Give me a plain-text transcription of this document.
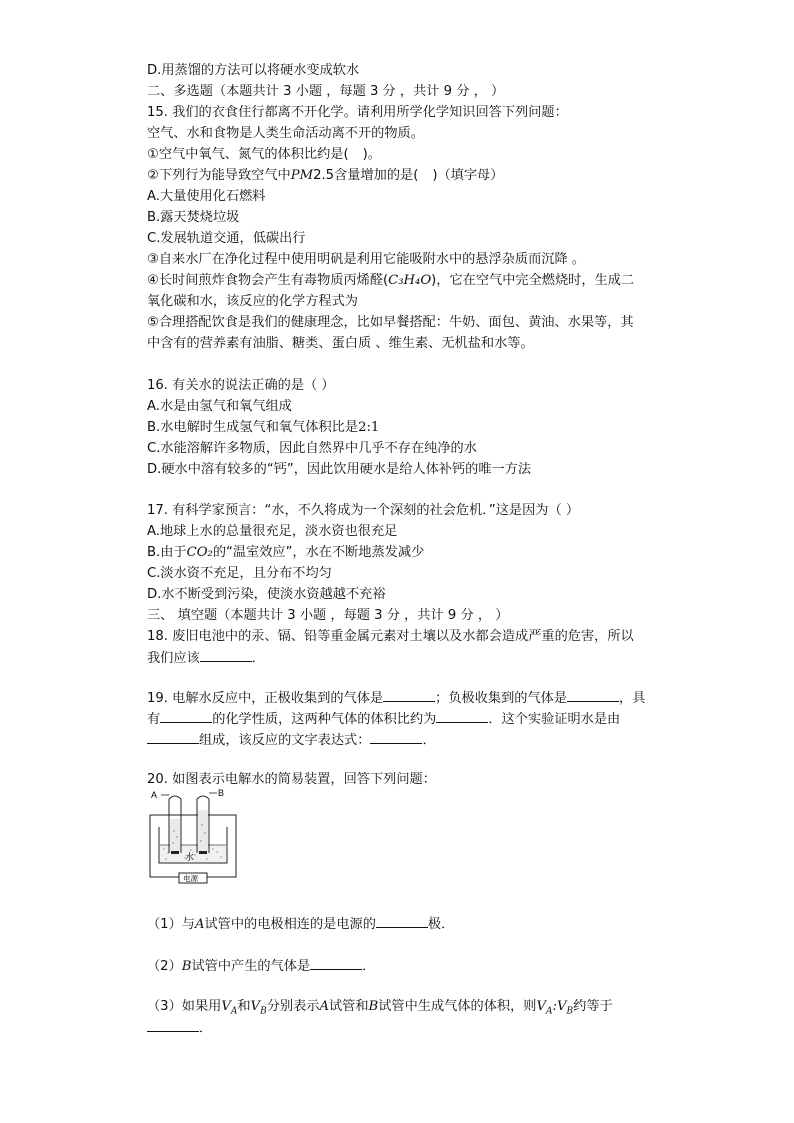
D.用蒸馏的方法可以将硬水变成软水
二、多选题（本题共计 3 小题 ，每题 3 分 ，共计 9 分 ， ）
15. 我们的衣食住行都离不开化学。请利用所学化学知识回答下列问题：
空气、水和食物是人类生命活动离不开的物质。
①空气中氧气、氮气的体积比约是( )。
②下列行为能导致空气中PM2.5含量增加的是( )（填字母）
A.大量使用化石燃料
B.露天焚烧垃圾
C.发展轨道交通，低碳出行
③自来水厂在净化过程中使用明矾是利用它能吸附水中的悬浮杂质而沉降 。
④长时间煎炸食物会产生有毒物质丙烯醛(C₃H₄O)，它在空气中完全燃烧时，生成二
氧化碳和水，该反应的化学方程式为
⑤合理搭配饮食是我们的健康理念，比如早餐搭配：牛奶、面包、黄油、水果等，其
中含有的营养素有油脂、糖类、蛋白质 、维生素、无机盐和水等。
16. 有关水的说法正确的是（ ）
A.水是由氢气和氧气组成
B.水电解时生成氢气和氧气体积比是2:1
C.水能溶解许多物质，因此自然界中几乎不存在纯净的水
D.硬水中溶有较多的“钙”，因此饮用硬水是给人体补钙的唯一方法
17. 有科学家预言：“水，不久将成为一个深刻的社会危机．”这是因为（ ）
A.地球上水的总量很充足，淡水资也很充足
B.由于CO₂的“温室效应”，水在不断地蒸发减少
C.淡水资不充足，且分布不均匀
D.水不断受到污染，使淡水资越越不充裕
三、 填空题（本题共计 3 小题 ，每题 3 分 ，共计 9 分 ， ）
18. 废旧电池中的汞、镉、铅等重金属元素对土壤以及水都会造成严重的危害，所以
我们应该	．
19. 电解水反应中，正极收集到的气体是	；负极收集到的气体是	，具
有	的化学性质，这两种气体的体积比约为	．这个实验证明水是由
组成，该反应的文字表达式：	．
20. 如图表示电解水的简易装置，回答下列问题：
A	B
水
电源
（1）与A试管中的电极相连的是电源的	极．
（2）B试管中产生的气体是	．
（3）如果用$V_A$和$V_B$分别表示A试管和B试管中生成气体的体积，则$V_A:V_B$约等于
．
